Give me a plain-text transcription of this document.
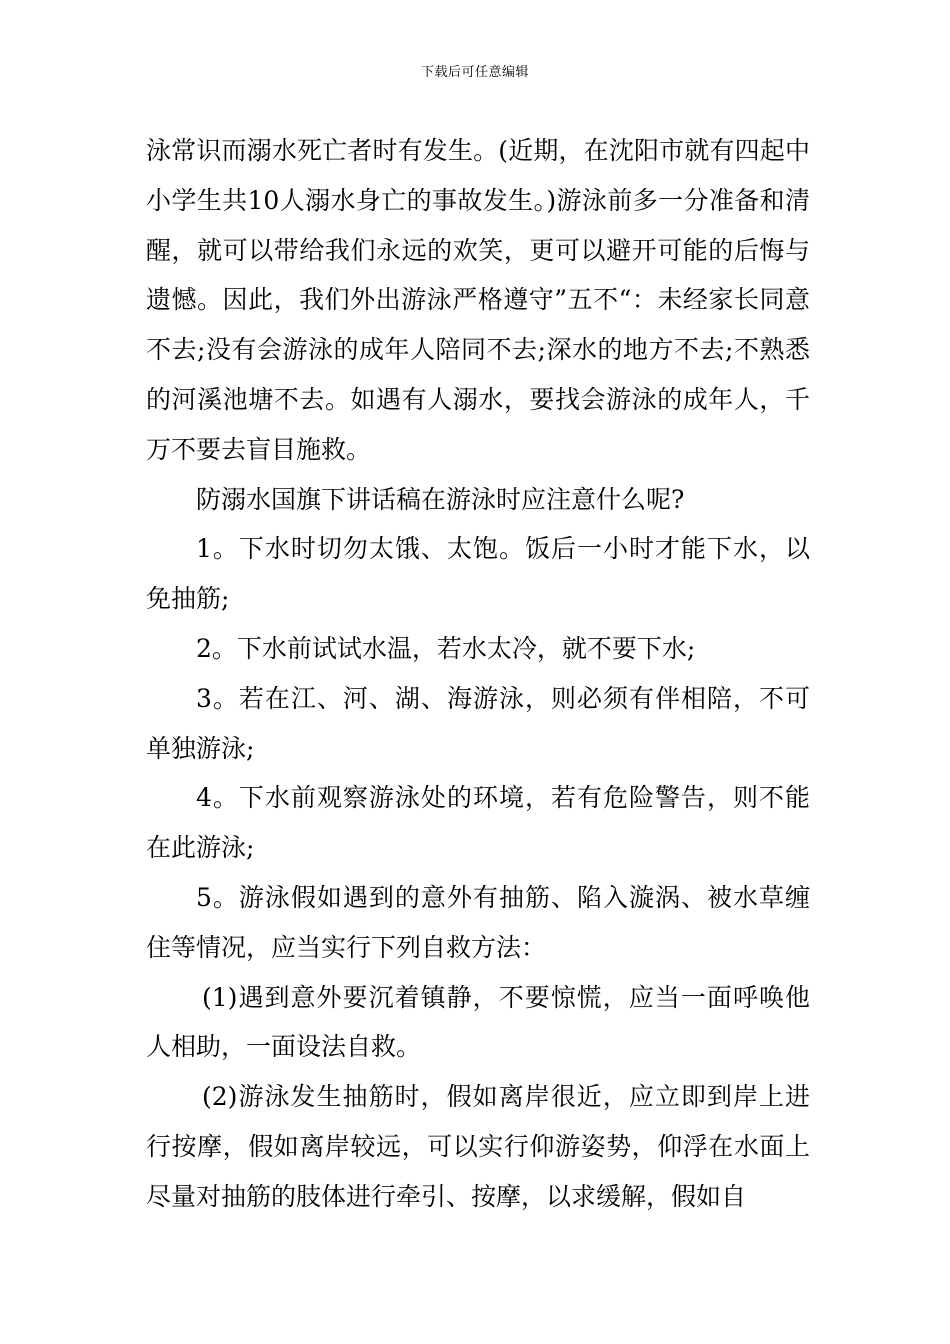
下载后可任意编辑

泳常识而溺水死亡者时有发生。(近期，在沈阳市就有四起中小学生共10人溺水身亡的事故发生。)游泳前多一分准备和清醒，就可以带给我们永远的欢笑，更可以避开可能的后悔与遗憾。因此，我们外出游泳严格遵守”五不“：未经家长同意不去;没有会游泳的成年人陪同不去;深水的地方不去;不熟悉的河溪池塘不去。如遇有人溺水，要找会游泳的成年人，千万不要去盲目施救。

防溺水国旗下讲话稿在游泳时应注意什么呢?

1。下水时切勿太饿、太饱。饭后一小时才能下水，以免抽筋;

2。下水前试试水温，若水太冷，就不要下水;

3。若在江、河、湖、海游泳，则必须有伴相陪，不可单独游泳;

4。下水前观察游泳处的环境，若有危险警告，则不能在此游泳;

5。游泳假如遇到的意外有抽筋、陷入漩涡、被水草缠住等情况，应当实行下列自救方法：

(1)遇到意外要沉着镇静，不要惊慌，应当一面呼唤他人相助，一面设法自救。

(2)游泳发生抽筋时，假如离岸很近，应立即到岸上进行按摩，假如离岸较远，可以实行仰游姿势，仰浮在水面上尽量对抽筋的肢体进行牵引、按摩，以求缓解，假如自
